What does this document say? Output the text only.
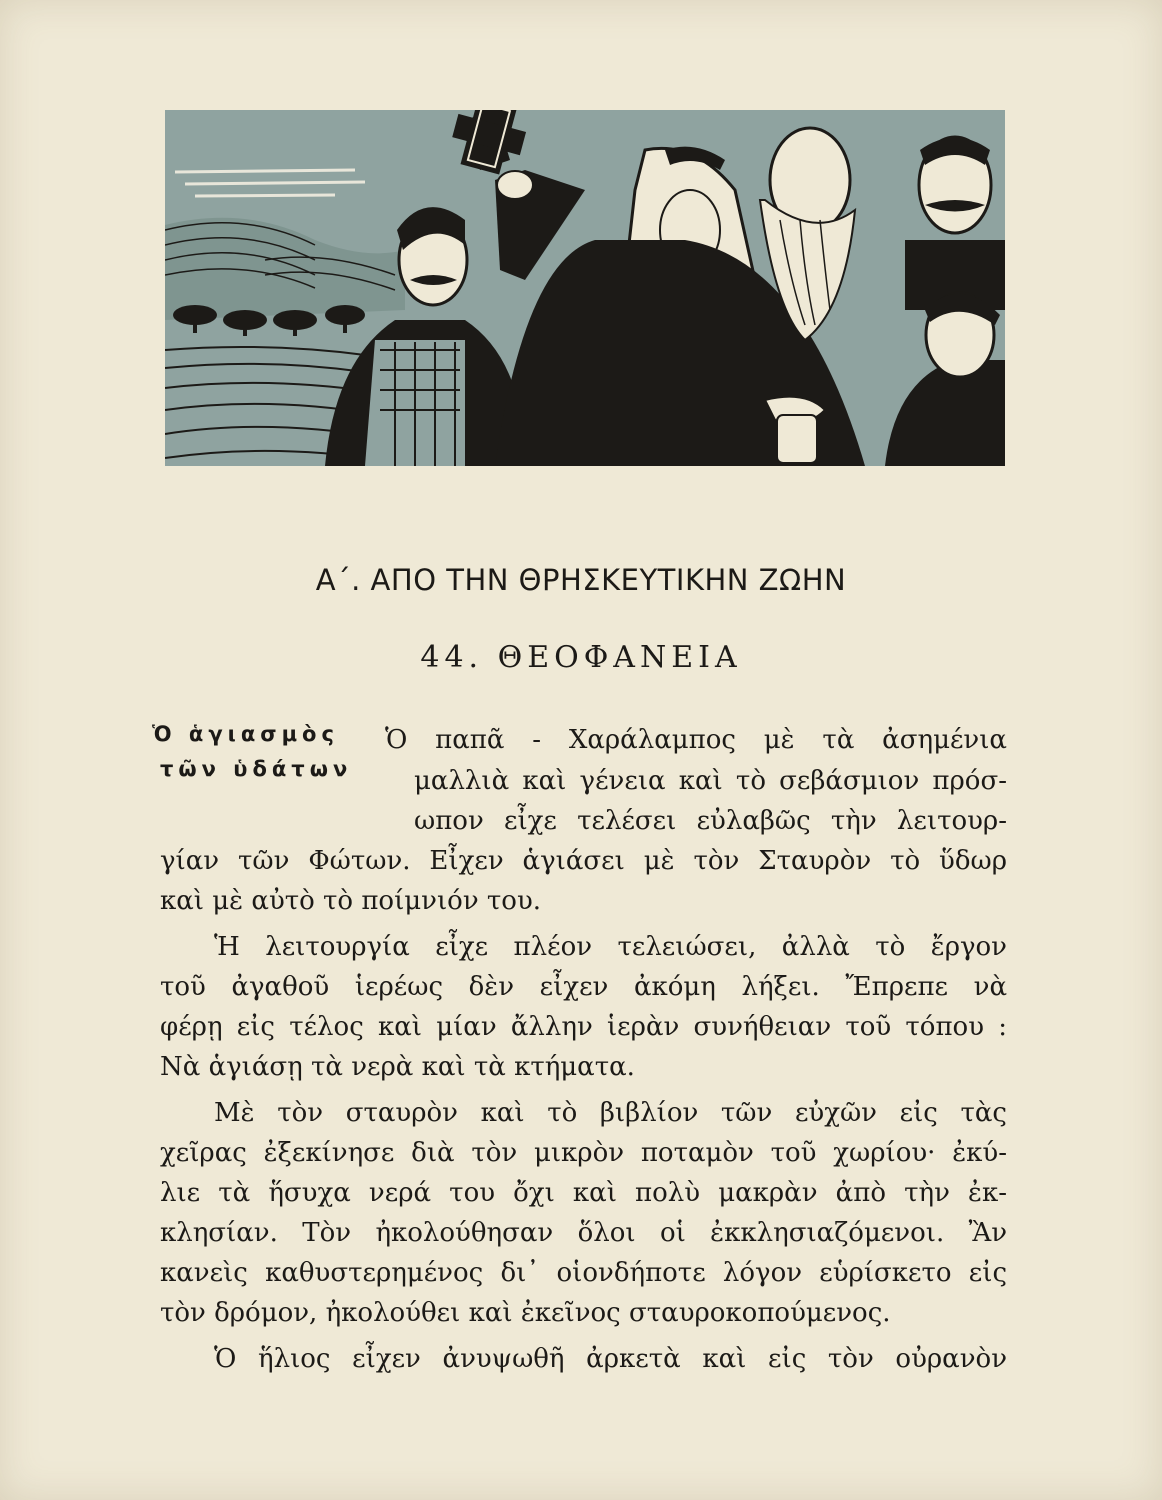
Α΄. ΑΠΟ ΤΗΝ ΘΡΗΣΚΕΥΤΙΚΗΝ ΖΩΗΝ
44. ΘΕΟΦΑΝΕΙΑ
Ὁ ἁγιασμὸς
τῶν ὑδάτων
Ὁ παπᾶ - Χαράλαμπος μὲ τὰ ἀσημένια
μαλλιὰ καὶ γένεια καὶ τὸ σεβάσμιον πρόσ-
ωπον εἶχε τελέσει εὐλαβῶς τὴν λειτουρ-
γίαν τῶν Φώτων. Εἶχεν ἁγιάσει μὲ τὸν Σταυρὸν τὸ ὕδωρ
καὶ μὲ αὐτὸ τὸ ποίμνιόν του.
Ἡ λειτουργία εἶχε πλέον τελειώσει, ἀλλὰ τὸ ἔργον
τοῦ ἀγαθοῦ ἱερέως δὲν εἶχεν ἀκόμη λήξει. Ἔπρεπε νὰ
φέρῃ εἰς τέλος καὶ μίαν ἄλλην ἱερὰν συνήθειαν τοῦ τόπου :
Νὰ ἁγιάσῃ τὰ νερὰ καὶ τὰ κτήματα.
Μὲ τὸν σταυρὸν καὶ τὸ βιβλίον τῶν εὐχῶν εἰς τὰς
χεῖρας ἐξεκίνησε διὰ τὸν μικρὸν ποταμὸν τοῦ χωρίου· ἐκύ-
λιε τὰ ἥσυχα νερά του ὄχι καὶ πολὺ μακρὰν ἀπὸ τὴν ἐκ-
κλησίαν. Τὸν ἠκολούθησαν ὅλοι οἱ ἐκκλησιαζόμενοι. Ἂν
κανεὶς καθυστερημένος δι᾿ οἱονδήποτε λόγον εὑρίσκετο εἰς
τὸν δρόμον, ἠκολούθει καὶ ἐκεῖνος σταυροκοπούμενος.
Ὁ ἥλιος εἶχεν ἀνυψωθῆ ἀρκετὰ καὶ εἰς τὸν οὐρανὸν
